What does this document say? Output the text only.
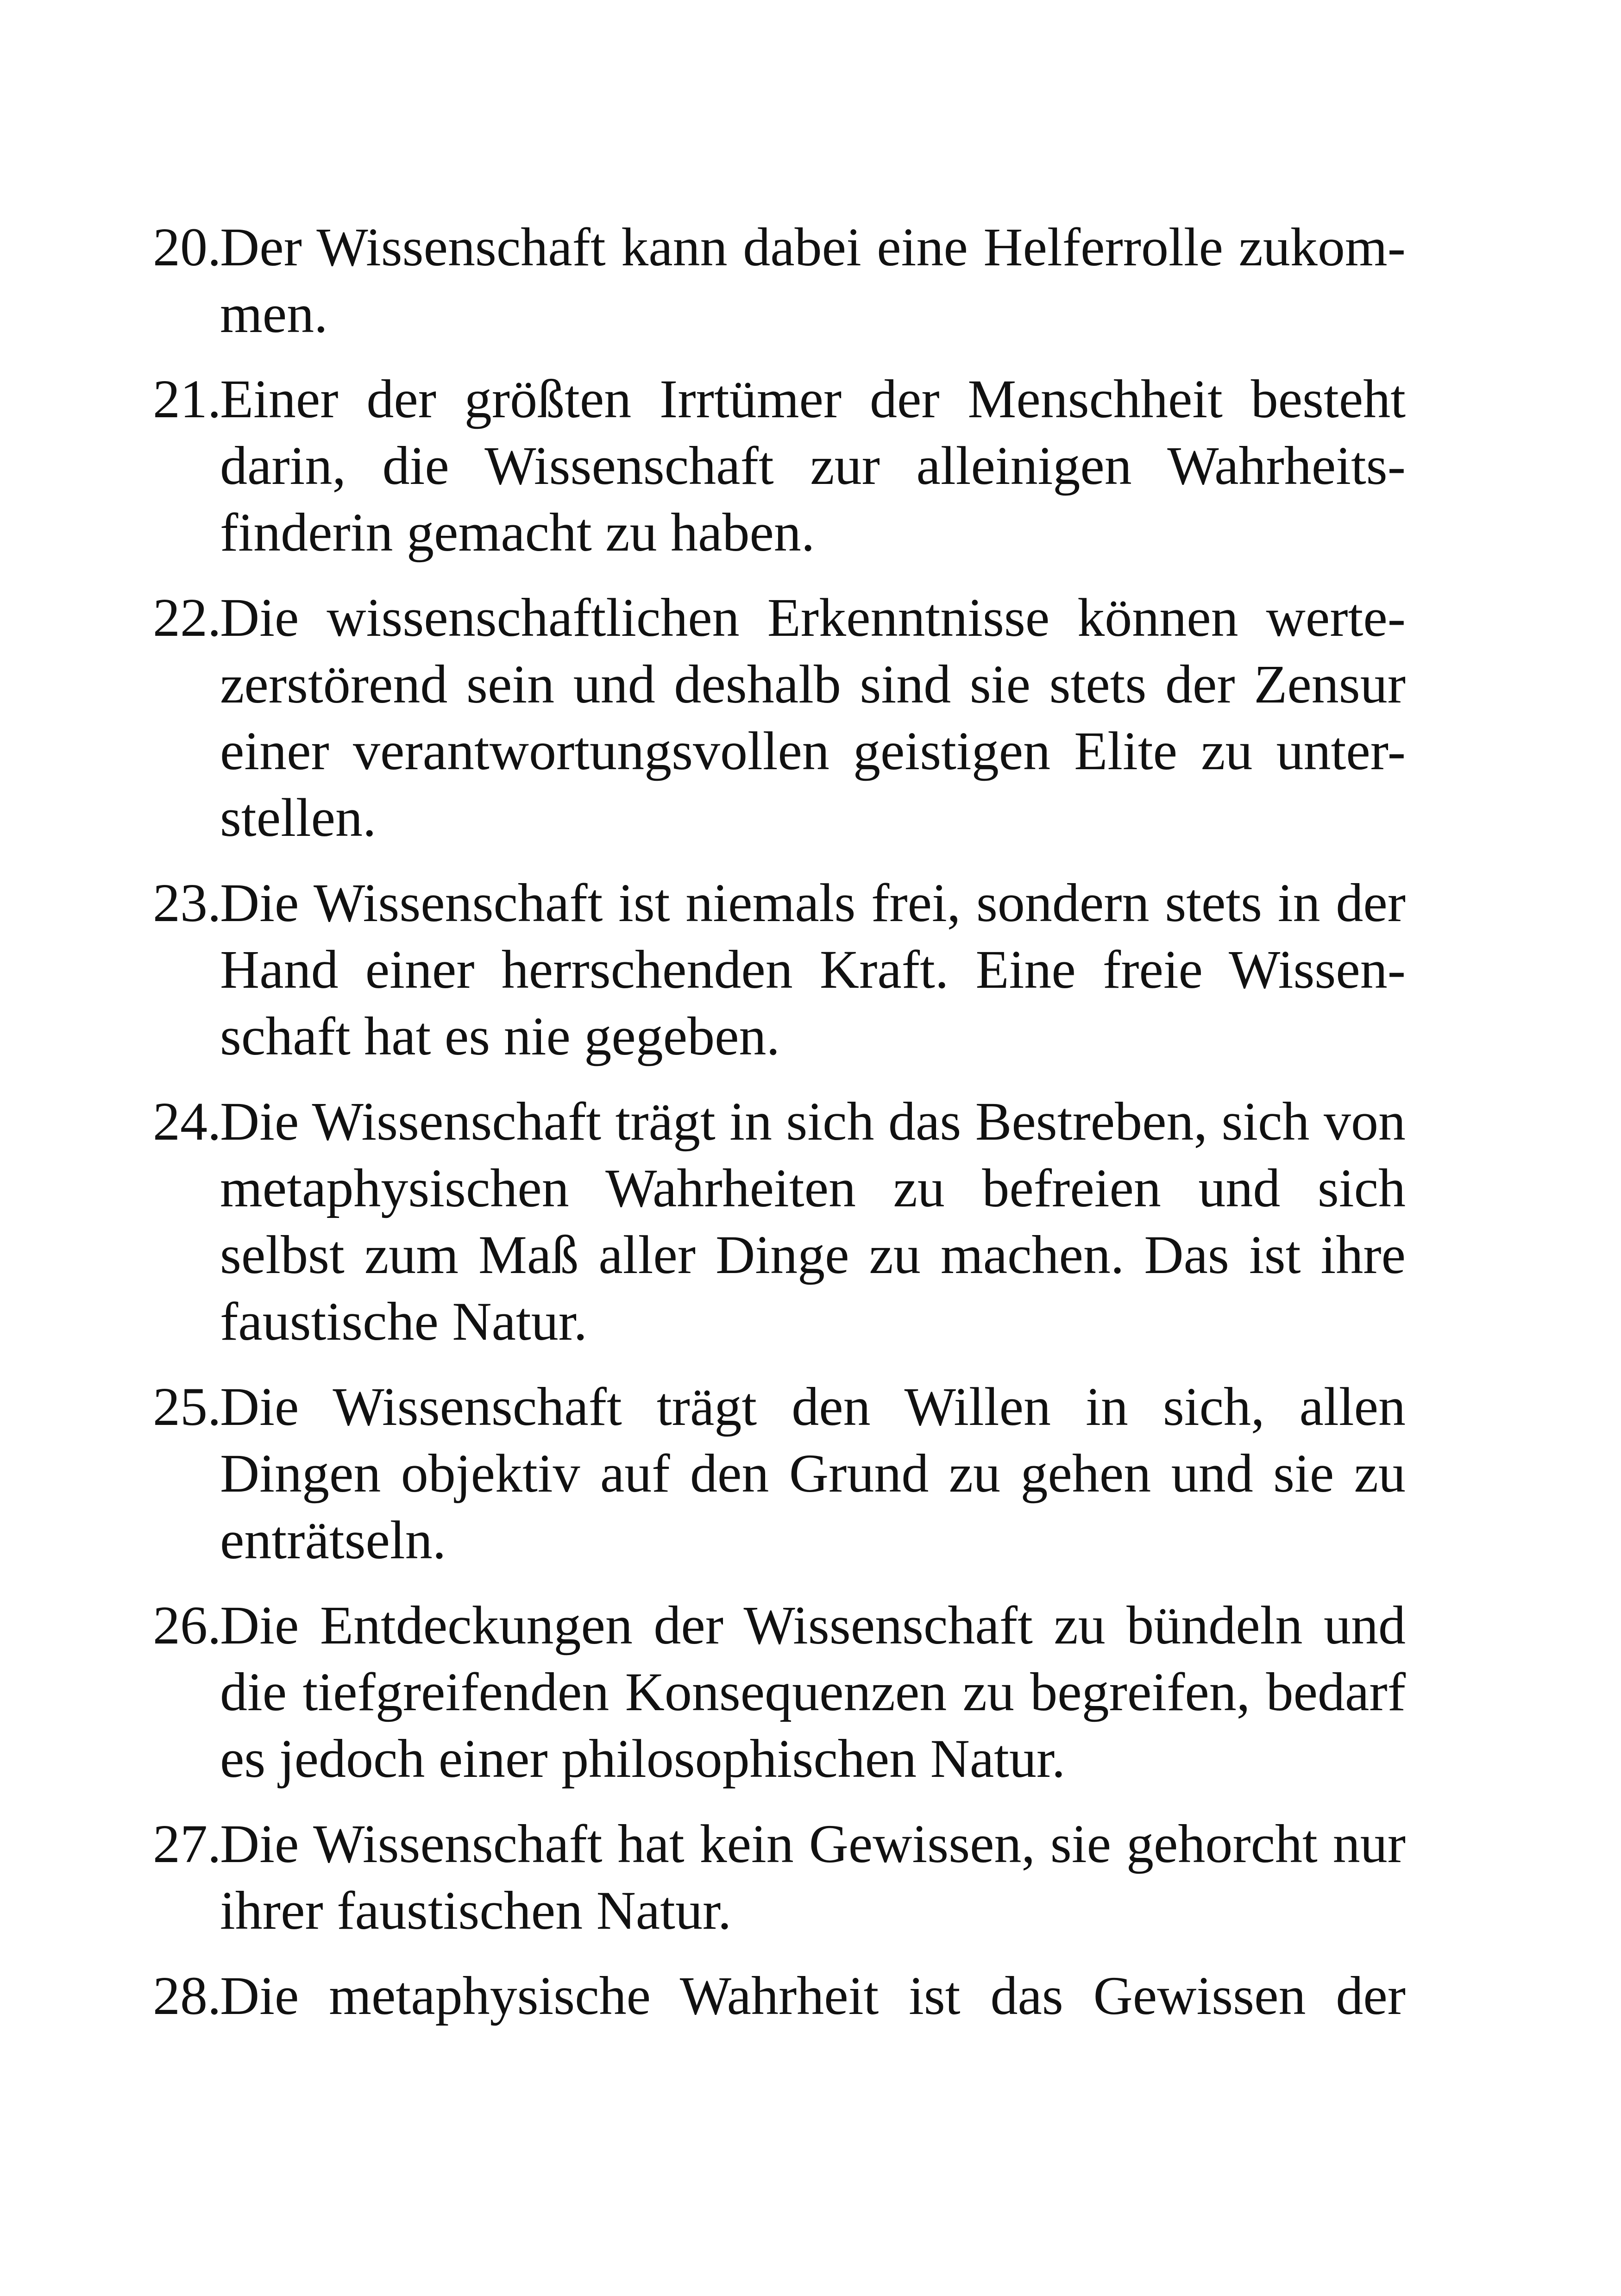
20.
Der Wissenschaft kann dabei eine Helferrolle zukom-
men.
21.
Einer der größten Irrtümer der Menschheit besteht
darin, die Wissenschaft zur alleinigen Wahrheits-
finderin gemacht zu haben.
22.
Die wissenschaftlichen Erkenntnisse können werte-
zerstörend sein und deshalb sind sie stets der Zensur
einer verantwortungsvollen geistigen Elite zu unter-
stellen.
23.
Die Wissenschaft ist niemals frei, sondern stets in der
Hand einer herrschenden Kraft. Eine freie Wissen-
schaft hat es nie gegeben.
24.
Die Wissenschaft trägt in sich das Bestreben, sich von
metaphysischen Wahrheiten zu befreien und sich
selbst zum Maß aller Dinge zu machen. Das ist ihre
faustische Natur.
25.
Die Wissenschaft trägt den Willen in sich, allen
Dingen objektiv auf den Grund zu gehen und sie zu
enträtseln.
26.
Die Entdeckungen der Wissenschaft zu bündeln und
die tiefgreifenden Konsequenzen zu begreifen, bedarf
es jedoch einer philosophischen Natur.
27.
Die Wissenschaft hat kein Gewissen, sie gehorcht nur
ihrer faustischen Natur.
28.
Die metaphysische Wahrheit ist das Gewissen der
